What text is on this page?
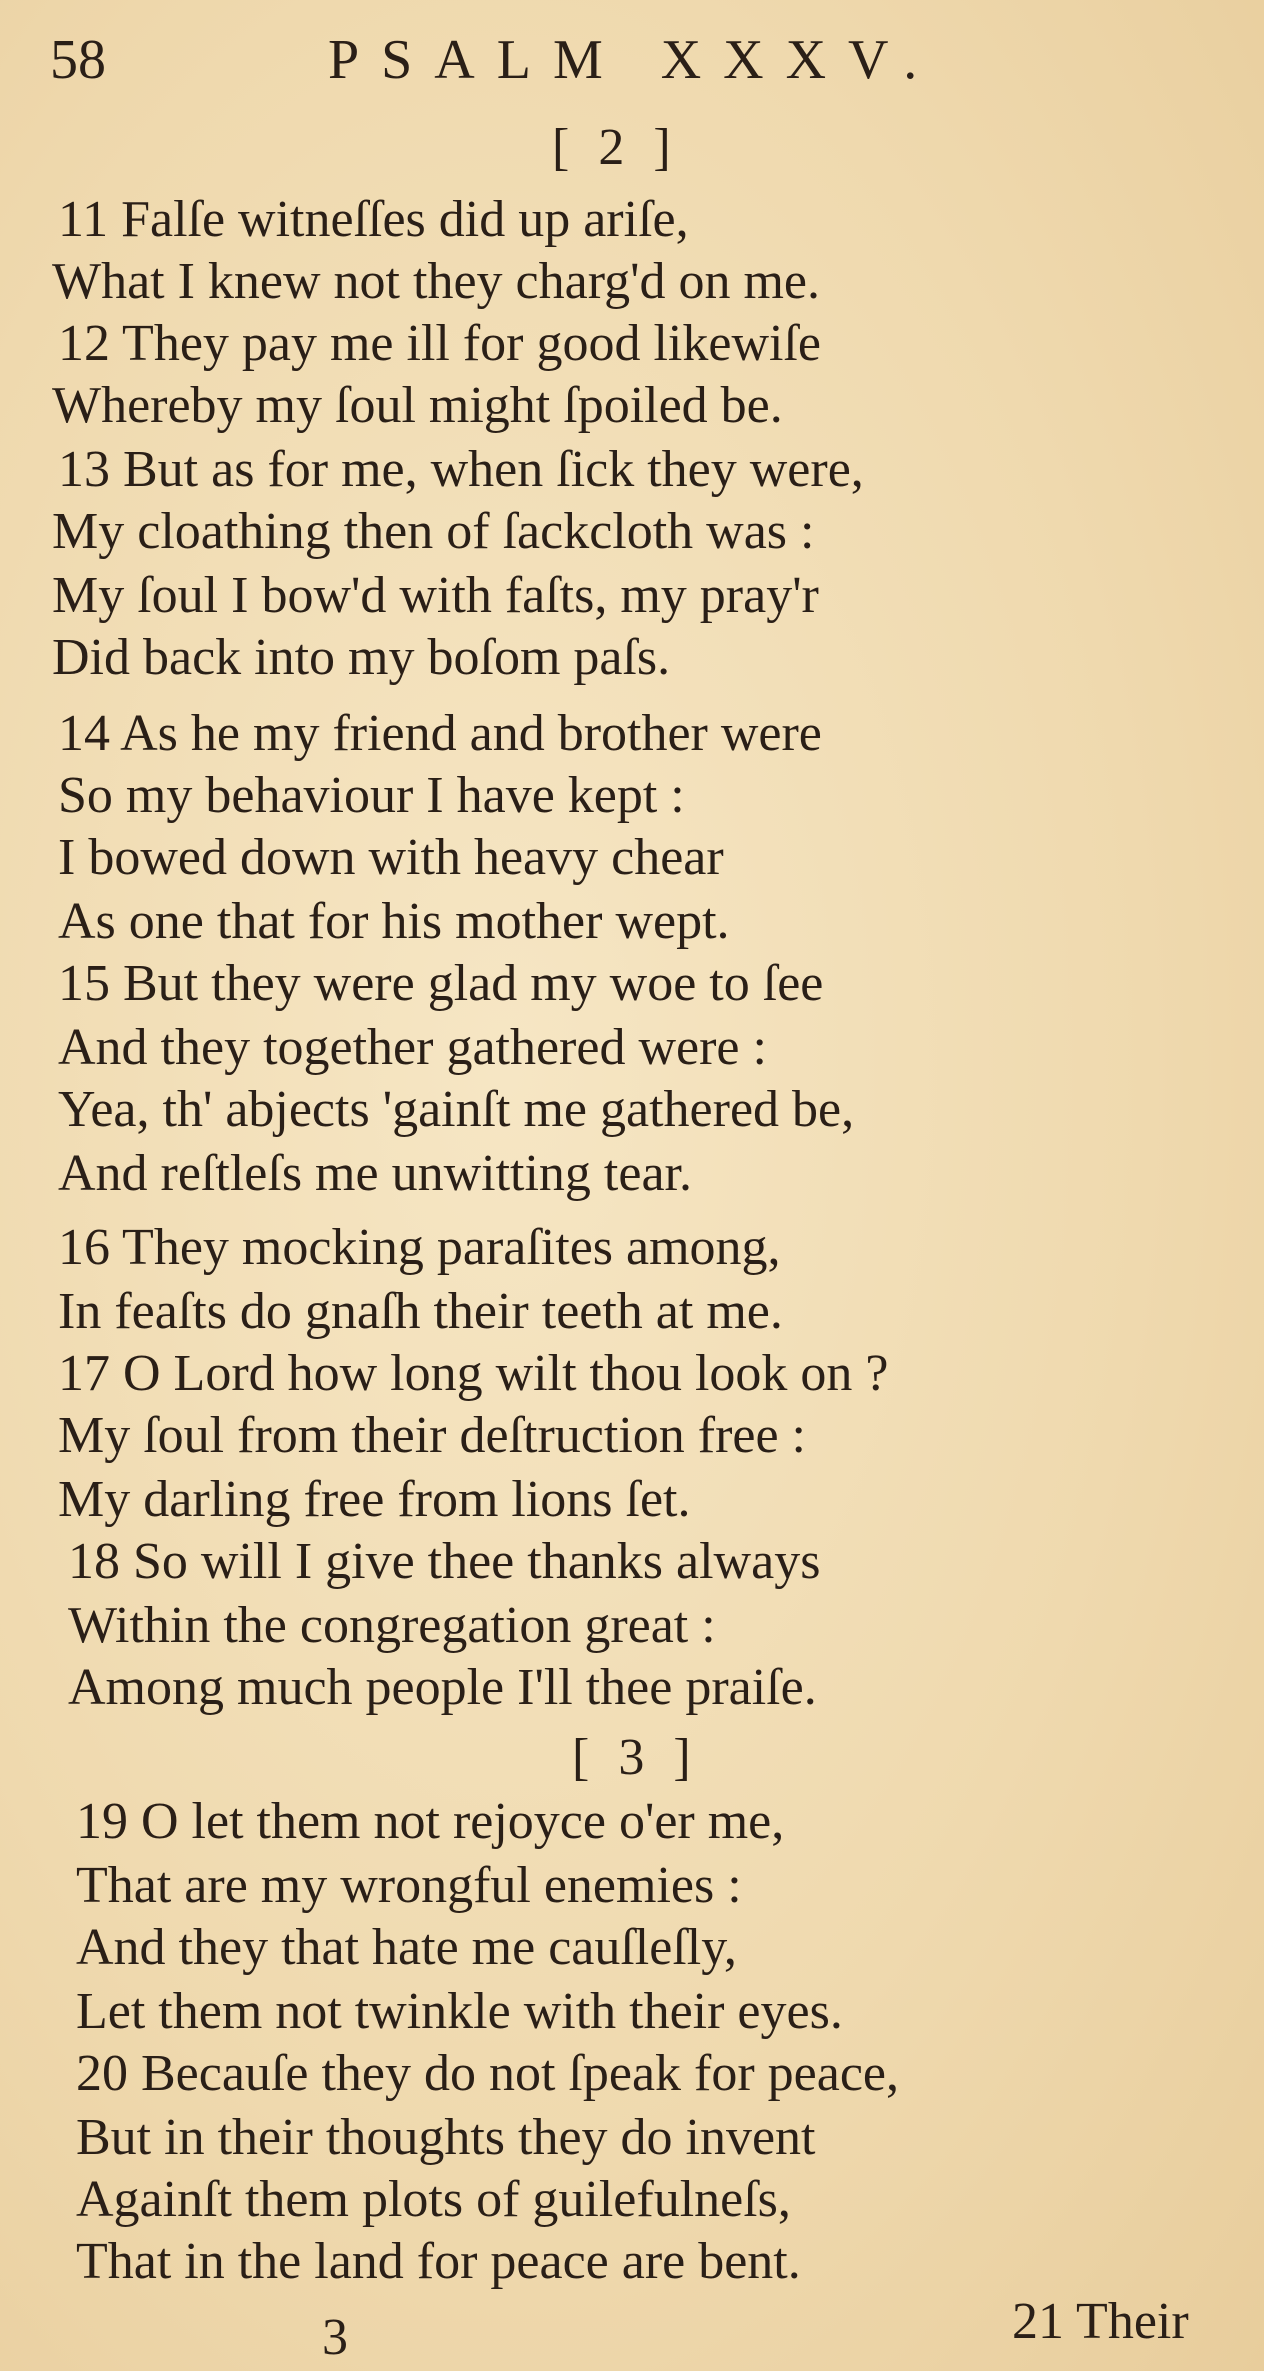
58	PSALM XXXV.
[ 2 ]
11 Falſe witneſſes did up ariſe,
What I knew not they charg'd on me.
12 They pay me ill for good likewiſe
Whereby my ſoul might ſpoiled be.
13 But as for me, when ſick they were,
My cloathing then of ſackcloth was :
My ſoul I bow'd with faſts, my pray'r
Did back into my boſom paſs.
14 As he my friend and brother were
So my behaviour I have kept :
I bowed down with heavy chear
As one that for his mother wept.
15 But they were glad my woe to ſee
And they together gathered were :
Yea, th' abjects 'gainſt me gathered be,
And reſtleſs me unwitting tear.
16 They mocking paraſites among,
In feaſts do gnaſh their teeth at me.
17 O Lord how long wilt thou look on ?
My ſoul from their deſtruction free :
My darling free from lions ſet.
18 So will I give thee thanks always
Within the congregation great :
Among much people I'll thee praiſe.
[ 3 ]
19 O let them not rejoyce o'er me,
That are my wrongful enemies :
And they that hate me cauſleſly,
Let them not twinkle with their eyes.
20 Becauſe they do not ſpeak for peace,
But in their thoughts they do invent
Againſt them plots of guilefulneſs,
That in the land for peace are bent.
3	21 Their
